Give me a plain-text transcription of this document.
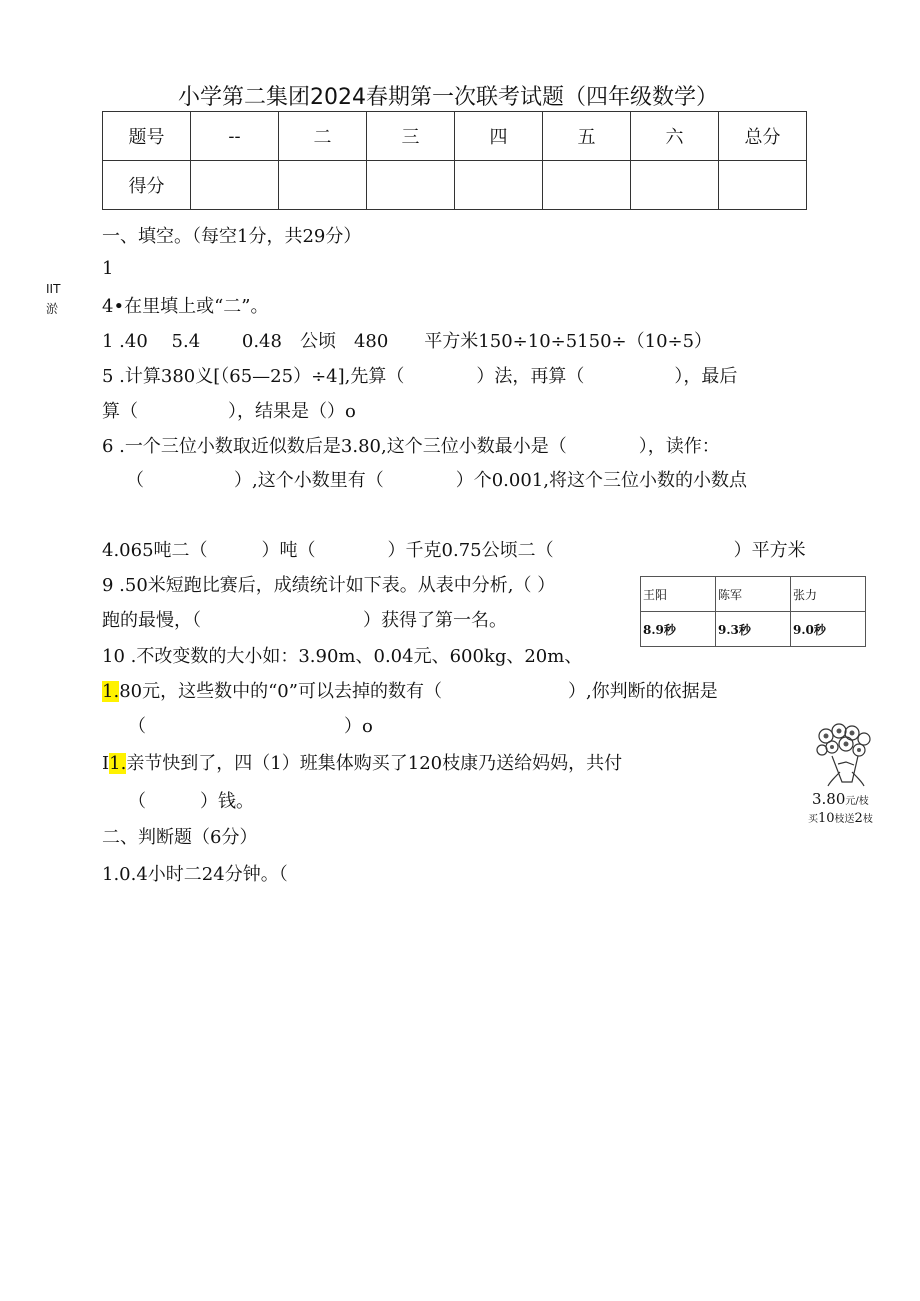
小学第二集团2024春期第一次联考试题（四年级数学）
题号	--	二	三	四	五	六	总分
得分							
一、填空。（每空1分，共29分）
IIT
淤
1
4•在里填上或“二”。
1 .40　 5.4　　 0.48　公顷　480　　平方米150÷10÷5150÷（10÷5）
5 .计算380义[（65—25）÷4],先算（　　　　）法，再算（　　　　　），最后
算（　　　　　），结果是（）o
6 .一个三位小数取近似数后是3.80,这个三位小数最小是（　　　　），读作：
（　　　　　）,这个小数里有（　　　　）个0.001,将这个三位小数的小数点
4.065吨二（　　　）吨（　　　　）千克0.75公顷二（　　　　　　　　　　）平方米
9 .50米短跑比赛后，成绩统计如下表。从表中分析,（ ）
跑的最慢，（　　　　　　　　　）获得了第一名。
10 .不改变数的大小如：3.90m、0.04元、600kg、20m、
1.80元，这些数中的“0”可以去掉的数有（　　　　　　　）,你判断的依据是
（　　　　　　　　　　　）o
I1.亲节快到了，四（1）班集体购买了120枝康乃送给妈妈，共付
（　　　）钱。
王阳	陈军	张力
8.9秒	9.3秒	9.0秒
3.80元/枝
买10枝送2枝
二、判断题（6分）
1.0.4小时二24分钟。（
